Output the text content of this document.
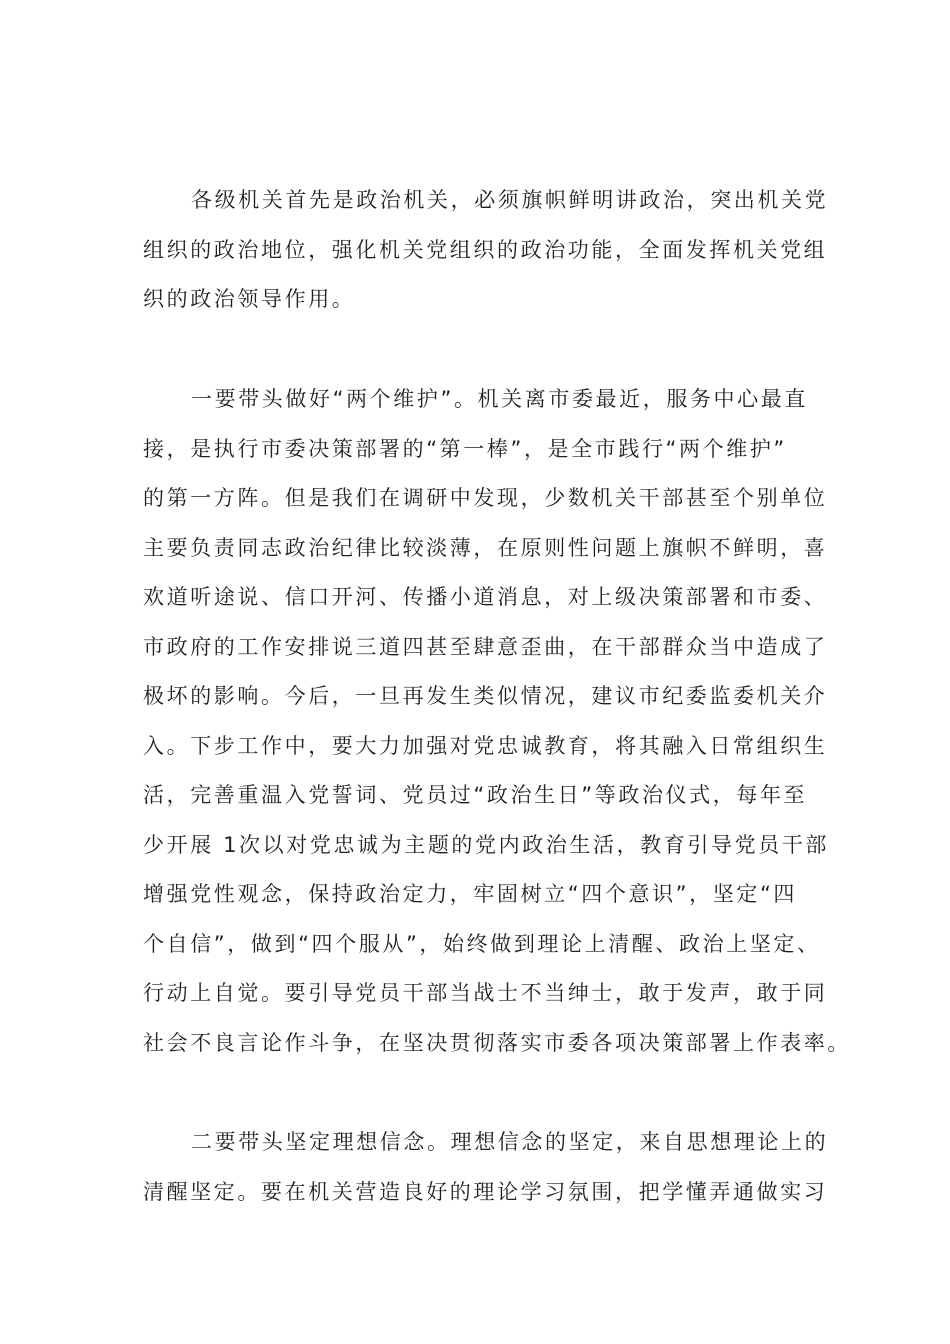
各级机关首先是政治机关，必须旗帜鲜明讲政治，突出机关党
组织的政治地位，强化机关党组织的政治功能，全面发挥机关党组
织的政治领导作用。
一要带头做好“两个维护”。机关离市委最近，服务中心最直
接，是执行市委决策部署的“第一棒”，是全市践行“两个维护”
的第一方阵。但是我们在调研中发现，少数机关干部甚至个别单位
主要负责同志政治纪律比较淡薄，在原则性问题上旗帜不鲜明，喜
欢道听途说、信口开河、传播小道消息，对上级决策部署和市委、
市政府的工作安排说三道四甚至肆意歪曲，在干部群众当中造成了
极坏的影响。今后，一旦再发生类似情况，建议市纪委监委机关介
入。下步工作中，要大力加强对党忠诚教育，将其融入日常组织生
活，完善重温入党誓词、党员过“政治生日”等政治仪式，每年至
少开展 1次以对党忠诚为主题的党内政治生活，教育引导党员干部
增强党性观念，保持政治定力，牢固树立“四个意识”，坚定“四
个自信”，做到“四个服从”，始终做到理论上清醒、政治上坚定、
行动上自觉。要引导党员干部当战士不当绅士，敢于发声，敢于同
社会不良言论作斗争，在坚决贯彻落实市委各项决策部署上作表率。
二要带头坚定理想信念。理想信念的坚定，来自思想理论上的
清醒坚定。要在机关营造良好的理论学习氛围，把学懂弄通做实习
